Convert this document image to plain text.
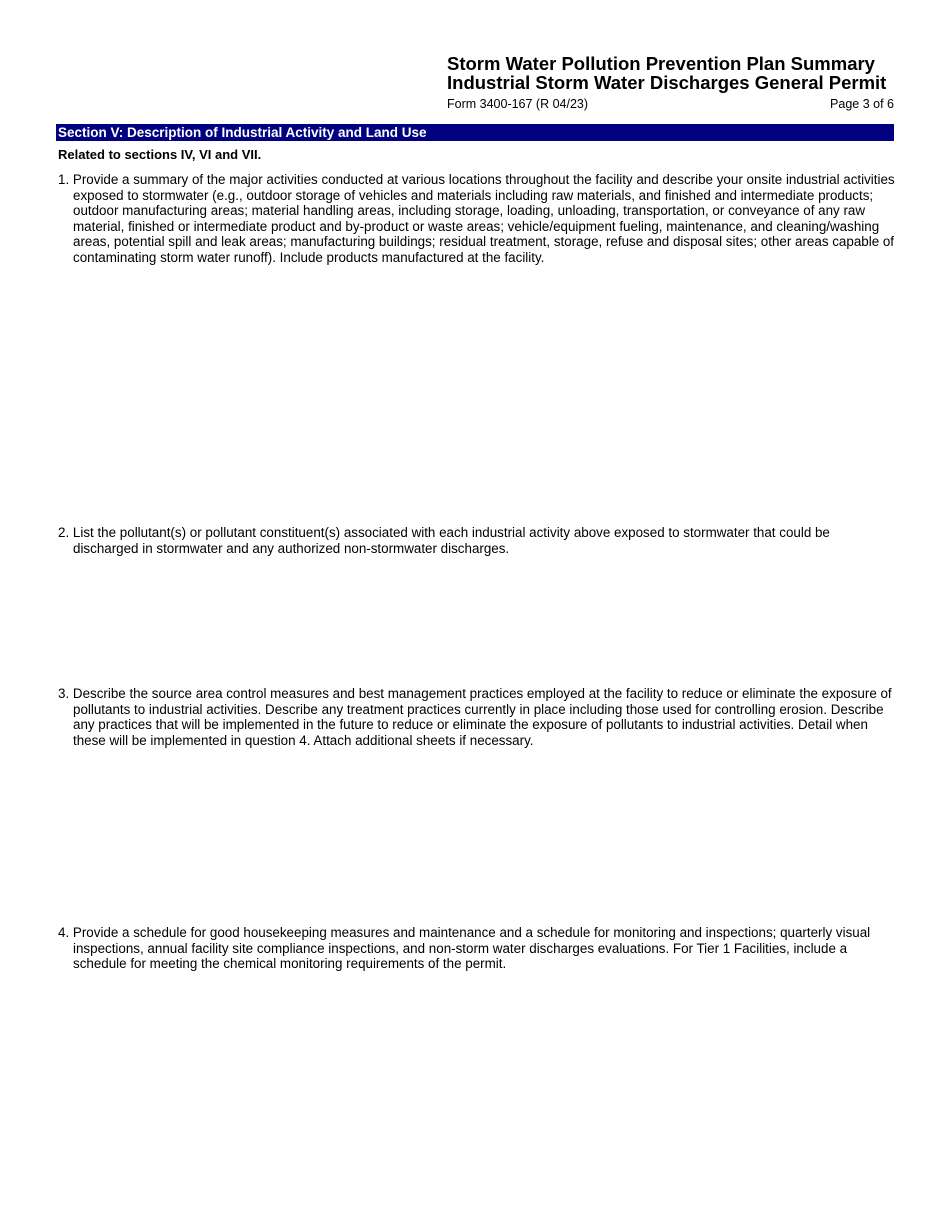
Storm Water Pollution Prevention Plan Summary
Industrial Storm Water Discharges General Permit
Form 3400-167 (R 04/23)	Page 3 of 6
Section V: Description of Industrial Activity and Land Use
Related to sections IV, VI and VII.
1. Provide a summary of the major activities conducted at various locations throughout the facility and describe your onsite industrial activities exposed to stormwater (e.g., outdoor storage of vehicles and materials including raw materials, and finished and intermediate products; outdoor manufacturing areas; material handling areas, including storage, loading, unloading, transportation, or conveyance of any raw material, finished or intermediate product and by-product or waste areas; vehicle/equipment fueling, maintenance, and cleaning/washing areas, potential spill and leak areas; manufacturing buildings; residual treatment, storage, refuse and disposal sites; other areas capable of contaminating storm water runoff). Include products manufactured at the facility.
2. List the pollutant(s) or pollutant constituent(s) associated with each industrial activity above exposed to stormwater that could be discharged in stormwater and any authorized non-stormwater discharges.
3. Describe the source area control measures and best management practices employed at the facility to reduce or eliminate the exposure of pollutants to industrial activities. Describe any treatment practices currently in place including those used for controlling erosion. Describe any practices that will be implemented in the future to reduce or eliminate the exposure of pollutants to industrial activities. Detail when these will be implemented in question 4. Attach additional sheets if necessary.
4. Provide a schedule for good housekeeping measures and maintenance and a schedule for monitoring and inspections; quarterly visual inspections, annual facility site compliance inspections, and non-storm water discharges evaluations. For Tier 1 Facilities, include a schedule for meeting the chemical monitoring requirements of the permit.
